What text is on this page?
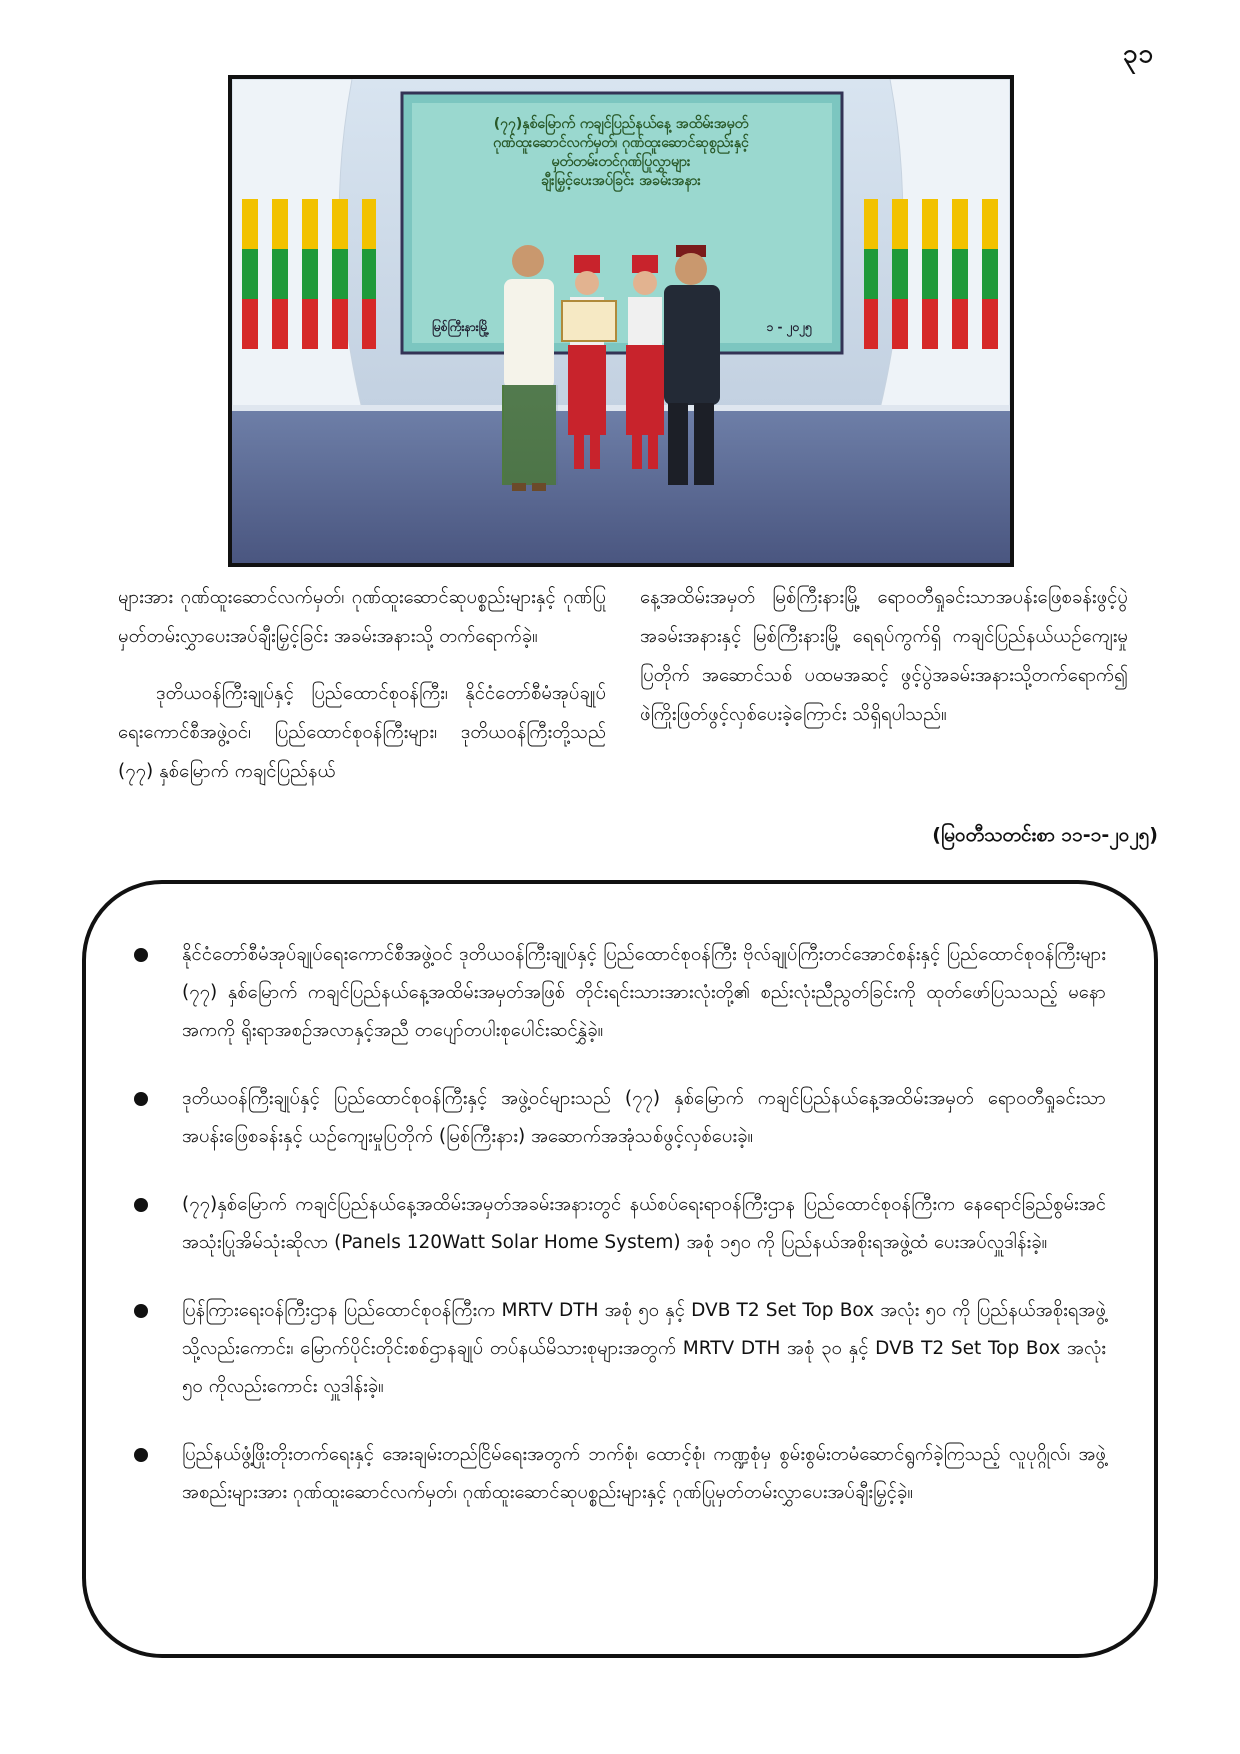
၃၁
(၇၇)နှစ်မြောက် ကချင်ပြည်နယ်နေ့ အထိမ်းအမှတ်
ဂုဏ်ထူးဆောင်လက်မှတ်၊ ဂုဏ်ထူးဆောင်ဆုစွည်းနှင့်
မှတ်တမ်းတင်ဂုဏ်ပြုလွှာများ
ချီးမြှင့်ပေးအပ်ခြင်း အခမ်းအနား
မြစ်ကြီးနားမြို့	၁ - ၂၀၂၅

များအား ဂုဏ်ထူးဆောင်လက်မှတ်၊ ဂုဏ်ထူးဆောင်ဆုပစ္စည်းများနှင့် ဂုဏ်ပြုမှတ်တမ်းလွှာပေးအပ်ချီးမြှင့်ခြင်း အခမ်းအနားသို့ တက်ရောက်ခဲ့။

ဒုတိယဝန်ကြီးချုပ်နှင့် ပြည်ထောင်စုဝန်ကြီး၊ နိုင်ငံတော်စီမံအုပ်ချုပ်ရေးကောင်စီအဖွဲ့ဝင်၊ ပြည်ထောင်စုဝန်ကြီးများ၊ ဒုတိယဝန်ကြီးတို့သည် (၇၇) နှစ်မြောက် ကချင်ပြည်နယ်

နေ့အထိမ်းအမှတ် မြစ်ကြီးနားမြို့ ရောဝတီရှုခင်းသာအပန်းဖြေစခန်းဖွင့်ပွဲအခမ်းအနားနှင့် မြစ်ကြီးနားမြို့ ရေရပ်ကွက်ရှိ ကချင်ပြည်နယ်ယဉ်ကျေးမှုပြတိုက် အဆောင်သစ် ပထမအဆင့် ဖွင့်ပွဲအခမ်းအနားသို့တက်ရောက်၍ ဖဲကြိုးဖြတ်ဖွင့်လှစ်ပေးခဲ့ကြောင်း သိရှိရပါသည်။

(မြဝတီသတင်းစာ ၁၁-၁-၂၀၂၅)
နိုင်ငံတော်စီမံအုပ်ချုပ်ရေးကောင်စီအဖွဲ့ဝင် ဒုတိယဝန်ကြီးချုပ်နှင့် ပြည်ထောင်စုဝန်ကြီး ဗိုလ်ချုပ်ကြီးတင်အောင်စန်းနှင့် ပြည်ထောင်စုဝန်ကြီးများ (၇၇) နှစ်မြောက် ကချင်ပြည်နယ်နေ့အထိမ်းအမှတ်အဖြစ် တိုင်းရင်းသားအားလုံးတို့၏ စည်းလုံးညီညွတ်ခြင်းကို ထုတ်ဖော်ပြသသည့် မနောအကကို ရိုးရာအစဉ်အလာနှင့်အညီ တပျော်တပါးစုပေါင်းဆင်နွှဲခဲ့။
ဒုတိယဝန်ကြီးချုပ်နှင့် ပြည်ထောင်စုဝန်ကြီးနှင့် အဖွဲ့ဝင်များသည် (၇၇) နှစ်မြောက် ကချင်ပြည်နယ်နေ့အထိမ်းအမှတ် ရောဝတီရှုခင်းသာအပန်းဖြေစခန်းနှင့် ယဉ်ကျေးမှုပြတိုက် (မြစ်ကြီးနား) အဆောက်အအုံသစ်ဖွင့်လှစ်ပေးခဲ့။
(၇၇)နှစ်မြောက် ကချင်ပြည်နယ်နေ့အထိမ်းအမှတ်အခမ်းအနားတွင် နယ်စပ်ရေးရာဝန်ကြီးဌာန ပြည်ထောင်စုဝန်ကြီးက နေရောင်ခြည်စွမ်းအင်အသုံးပြုအိမ်သုံးဆိုလာ (Panels 120Watt Solar Home System) အစုံ ၁၅၀ ကို ပြည်နယ်အစိုးရအဖွဲ့ထံ ပေးအပ်လှူဒါန်းခဲ့။
ပြန်ကြားရေးဝန်ကြီးဌာန ပြည်ထောင်စုဝန်ကြီးက MRTV DTH အစုံ ၅၀ နှင့် DVB T2 Set Top Box အလုံး ၅၀ ကို ပြည်နယ်အစိုးရအဖွဲ့သို့လည်းကောင်း၊ မြောက်ပိုင်းတိုင်းစစ်ဌာနချုပ် တပ်နယ်မိသားစုများအတွက် MRTV DTH အစုံ ၃၀ နှင့် DVB T2 Set Top Box အလုံး ၅၀ ကိုလည်းကောင်း လှူဒါန်းခဲ့။
ပြည်နယ်ဖွံ့ဖြိုးတိုးတက်ရေးနှင့် အေးချမ်းတည်ငြိမ်ရေးအတွက် ဘက်စုံ၊ ထောင့်စုံ၊ ကဏ္ဍစုံမှ စွမ်းစွမ်းတမံဆောင်ရွက်ခဲ့ကြသည့် လူပုဂ္ဂိုလ်၊ အဖွဲ့အစည်းများအား ဂုဏ်ထူးဆောင်လက်မှတ်၊ ဂုဏ်ထူးဆောင်ဆုပစ္စည်းများနှင့် ဂုဏ်ပြုမှတ်တမ်းလွှာပေးအပ်ချီးမြှင့်ခဲ့။
